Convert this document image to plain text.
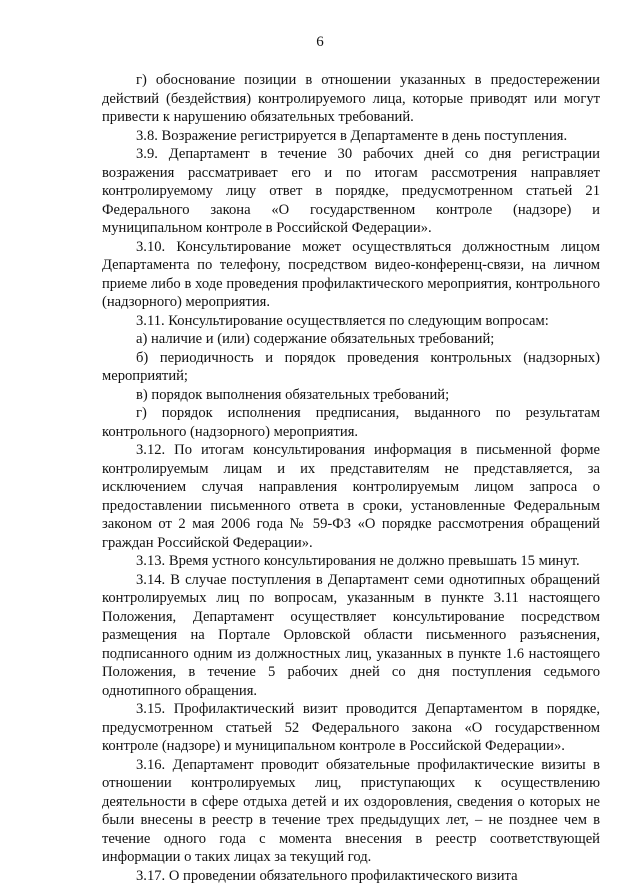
6

г) обоснование позиции в отношении указанных в предостережении действий (бездействия) контролируемого лица, которые приводят или могут привести к нарушению обязательных требований.

3.8. Возражение регистрируется в Департаменте в день поступления.

3.9. Департамент в течение 30 рабочих дней со дня регистрации возражения рассматривает его и по итогам рассмотрения направляет контролируемому лицу ответ в порядке, предусмотренном статьей 21 Федерального закона «О государственном контроле (надзоре) и муниципальном контроле в Российской Федерации».

3.10. Консультирование может осуществляться должностным лицом Департамента по телефону, посредством видео-конференц-связи, на личном приеме либо в ходе проведения профилактического мероприятия, контрольного (надзорного) мероприятия.

3.11. Консультирование осуществляется по следующим вопросам:

а) наличие и (или) содержание обязательных требований;

б) периодичность и порядок проведения контрольных (надзорных) мероприятий;

в) порядок выполнения обязательных требований;

г) порядок исполнения предписания, выданного по результатам контрольного (надзорного) мероприятия.

3.12. По итогам консультирования информация в письменной форме контролируемым лицам и их представителям не представляется, за исключением случая направления контролируемым лицом запроса о предоставлении письменного ответа в сроки, установленные Федеральным законом от 2 мая 2006 года № 59-ФЗ «О порядке рассмотрения обращений граждан Российской Федерации».

3.13. Время устного консультирования не должно превышать 15 минут.

3.14. В случае поступления в Департамент семи однотипных обращений контролируемых лиц по вопросам, указанным в пункте 3.11 настоящего Положения, Департамент осуществляет консультирование посредством размещения на Портале Орловской области письменного разъяснения, подписанного одним из должностных лиц, указанных в пункте 1.6 настоящего Положения, в течение 5 рабочих дней со дня поступления седьмого однотипного обращения.

3.15. Профилактический визит проводится Департаментом в порядке, предусмотренном статьей 52 Федерального закона «О государственном контроле (надзоре) и муниципальном контроле в Российской Федерации».

3.16. Департамент проводит обязательные профилактические визиты в отношении контролируемых лиц, приступающих к осуществлению деятельности в сфере отдыха детей и их оздоровления, сведения о которых не были внесены в реестр в течение трех предыдущих лет, – не позднее чем в течение одного года с момента внесения в реестр соответствующей информации о таких лицах за текущий год.

3.17. О проведении обязательного профилактического визита
